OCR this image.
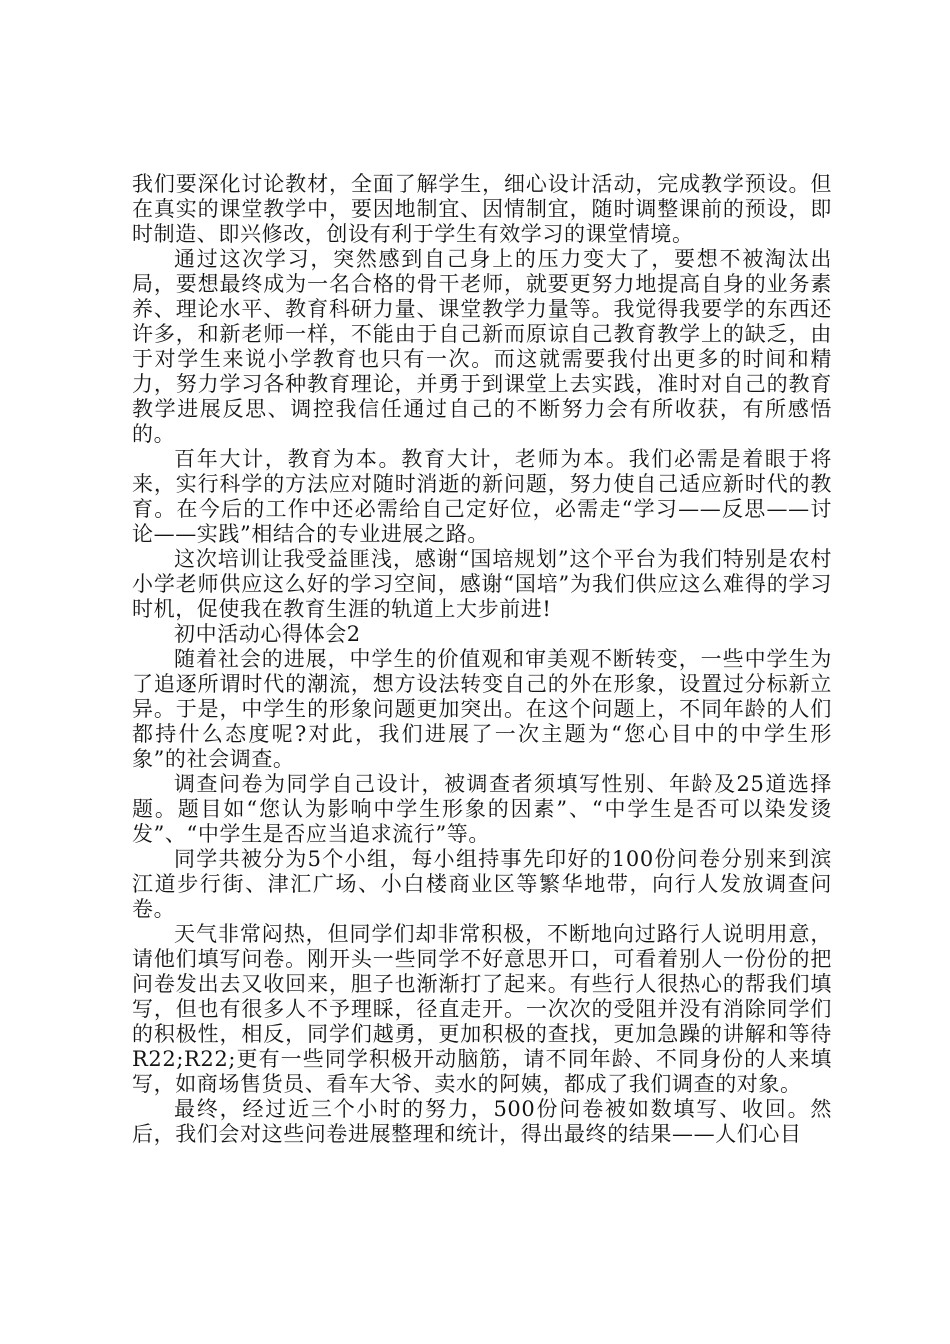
我们要深化讨论教材，全面了解学生，细心设计活动，完成教学预设。但在真实的课堂教学中，要因地制宜、因情制宜，随时调整课前的预设，即时制造、即兴修改，创设有利于学生有效学习的课堂情境。

通过这次学习，突然感到自己身上的压力变大了，要想不被淘汰出局，要想最终成为一名合格的骨干老师，就要更努力地提高自身的业务素养、理论水平、教育科研力量、课堂教学力量等。我觉得我要学的东西还许多，和新老师一样，不能由于自己新而原谅自己教育教学上的缺乏，由于对学生来说小学教育也只有一次。而这就需要我付出更多的时间和精力，努力学习各种教育理论，并勇于到课堂上去实践，准时对自己的教育教学进展反思、调控我信任通过自己的不断努力会有所收获，有所感悟的。

百年大计，教育为本。教育大计，老师为本。我们必需是着眼于将来，实行科学的方法应对随时消逝的新问题，努力使自己适应新时代的教育。在今后的工作中还必需给自己定好位，必需走“学习——反思——讨论——实践”相结合的专业进展之路。

这次培训让我受益匪浅，感谢“国培规划”这个平台为我们特别是农村小学老师供应这么好的学习空间，感谢“国培”为我们供应这么难得的学习时机，促使我在教育生涯的轨道上大步前进!

初中活动心得体会2

随着社会的进展，中学生的价值观和审美观不断转变，一些中学生为了追逐所谓时代的潮流，想方设法转变自己的外在形象，设置过分标新立异。于是，中学生的形象问题更加突出。在这个问题上，不同年龄的人们都持什么态度呢?对此，我们进展了一次主题为“您心目中的中学生形象”的社会调查。

调查问卷为同学自己设计，被调查者须填写性别、年龄及25道选择题。题目如“您认为影响中学生形象的因素”、“中学生是否可以染发烫发”、“中学生是否应当追求流行”等。

同学共被分为5个小组，每小组持事先印好的100份问卷分别来到滨江道步行街、津汇广场、小白楼商业区等繁华地带，向行人发放调查问卷。

天气非常闷热，但同学们却非常积极，不断地向过路行人说明用意，请他们填写问卷。刚开头一些同学不好意思开口，可看着别人一份份的把问卷发出去又收回来，胆子也渐渐打了起来。有些行人很热心的帮我们填写，但也有很多人不予理睬，径直走开。一次次的受阻并没有消除同学们的积极性，相反，同学们越勇，更加积极的查找，更加急躁的讲解和等待R22;R22;更有一些同学积极开动脑筋，请不同年龄、不同身份的人来填写，如商场售货员、看车大爷、卖水的阿姨，都成了我们调查的对象。

最终，经过近三个小时的努力，500份问卷被如数填写、收回。然后，我们会对这些问卷进展整理和统计，得出最终的结果——人们心目
